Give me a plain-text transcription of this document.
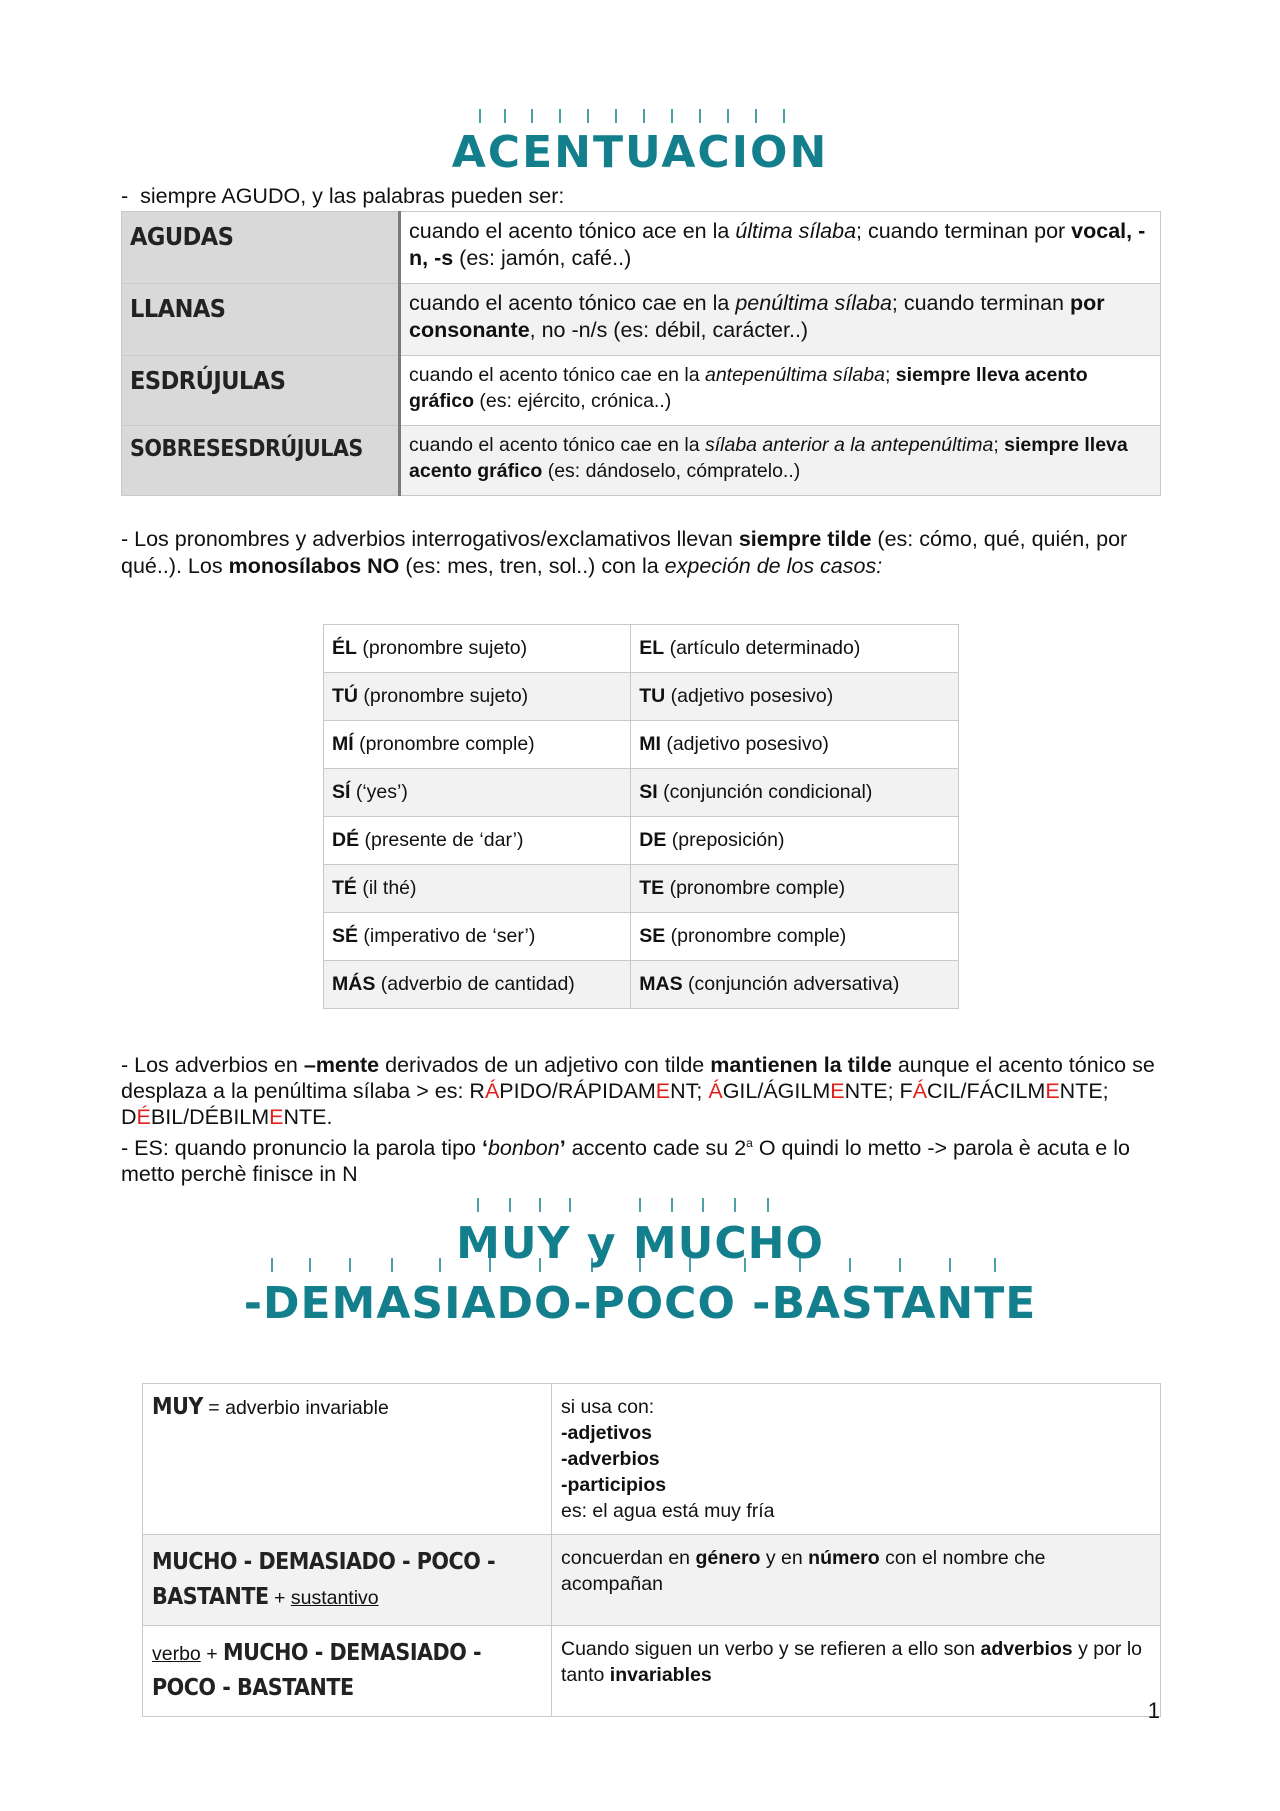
ACENTUACION
-  siempre AGUDO, y las palabras pueden ser:
AGUDAS	cuando el acento tónico ace en la última sílaba; cuando terminan por vocal, -n, -s (es: jamón, café..)
LLANAS	cuando el acento tónico cae en la penúltima sílaba; cuando terminan por consonante, no -n/s (es: débil, carácter..)
ESDRÚJULAS	cuando el acento tónico cae en la antepenúltima sílaba; siempre lleva acento gráfico (es: ejército, crónica..)
SOBRESESDRÚJULAS	cuando el acento tónico cae en la sílaba anterior a la antepenúltima; siempre lleva acento gráfico (es: dándoselo, cómpratelo..)
- Los pronombres y adverbios interrogativos/exclamativos llevan siempre tilde (es: cómo, qué, quién, por qué..). Los monosílabos NO (es: mes, tren, sol..) con la expeción de los casos:
ÉL (pronombre sujeto)	EL (artículo determinado)
TÚ (pronombre sujeto)	TU (adjetivo posesivo)
MÍ (pronombre comple)	MI (adjetivo posesivo)
SÍ (‘yes’)	SI (conjunción condicional)
DÉ (presente de ‘dar’)	DE (preposición)
TÉ (il thé)	TE (pronombre comple)
SÉ (imperativo de ‘ser’)	SE (pronombre comple)
MÁS (adverbio de cantidad)	MAS (conjunción adversativa)
- Los adverbios en –mente derivados de un adjetivo con tilde mantienen la tilde aunque el acento tónico se desplaza a la penúltima sílaba > es: RÁPIDO/RÁPIDAMENT; ÁGIL/ÁGILMENTE; FÁCIL/FÁCILMENTE; DÉBIL/DÉBILMENTE.
- ES: quando pronuncio la parola tipo ‘bonbon’ accento cade su 2$^a$ O quindi lo metto -> parola è acuta e lo metto perchè finisce in N
MUY y MUCHO
-DEMASIADO-POCO -BASTANTE
MUY = adverbio invariable	si usa con:
-adjetivos
-adverbios
-participios
es: el agua está muy fría

MUCHO - DEMASIADO - POCO - BASTANTE + sustantivo	concuerdan en género y en número con el nombre che acompañan
verbo + MUCHO - DEMASIADO - POCO - BASTANTE	Cuando siguen un verbo y se refieren a ello son adverbios y por lo tanto invariables
1
